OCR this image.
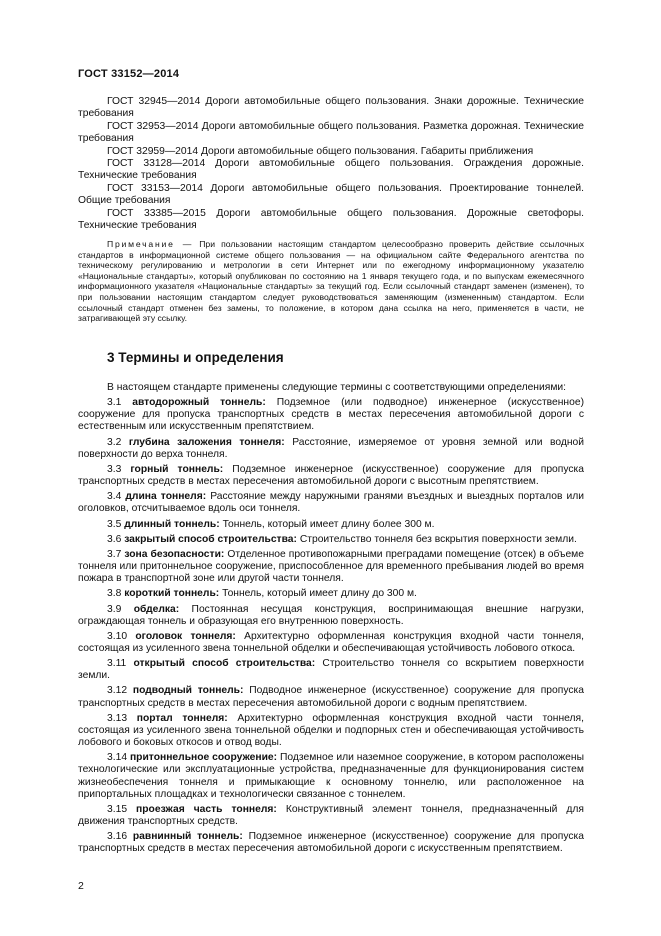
ГОСТ 33152—2014

ГОСТ 32945—2014 Дороги автомобильные общего пользования. Знаки дорожные. Технические требования

ГОСТ 32953—2014 Дороги автомобильные общего пользования. Разметка дорожная. Технические требования

ГОСТ 32959—2014 Дороги автомобильные общего пользования. Габариты приближения

ГОСТ 33128—2014 Дороги автомобильные общего пользования. Ограждения дорожные. Технические требования

ГОСТ 33153—2014 Дороги автомобильные общего пользования. Проектирование тоннелей. Общие требования

ГОСТ 33385—2015 Дороги автомобильные общего пользования. Дорожные светофоры. Технические требования

Примечание — При пользовании настоящим стандартом целесообразно проверить действие ссылочных стандартов в информационной системе общего пользования — на официальном сайте Федерального агентства по техническому регулированию и метрологии в сети Интернет или по ежегодному информационному указателю «Национальные стандарты», который опубликован по состоянию на 1 января текущего года, и по выпускам ежемесячного информационного указателя «Национальные стандарты» за текущий год. Если ссылочный стандарт заменен (изменен), то при пользовании настоящим стандартом следует руководствоваться заменяющим (измененным) стандартом. Если ссылочный стандарт отменен без замены, то положение, в котором дана ссылка на него, применяется в части, не затрагивающей эту ссылку.

3 Термины и определения

В настоящем стандарте применены следующие термины с соответствующими определениями:

3.1 автодорожный тоннель: Подземное (или подводное) инженерное (искусственное) сооружение для пропуска транспортных средств в местах пересечения автомобильной дороги с естественным или искусственным препятствием.

3.2 глубина заложения тоннеля: Расстояние, измеряемое от уровня земной или водной поверхности до верха тоннеля.

3.3 горный тоннель: Подземное инженерное (искусственное) сооружение для пропуска транспортных средств в местах пересечения автомобильной дороги с высотным препятствием.

3.4 длина тоннеля: Расстояние между наружными гранями въездных и выездных порталов или оголовков, отсчитываемое вдоль оси тоннеля.

3.5 длинный тоннель: Тоннель, который имеет длину более 300 м.

3.6 закрытый способ строительства: Строительство тоннеля без вскрытия поверхности земли.

3.7 зона безопасности: Отделенное противопожарными преградами помещение (отсек) в объеме тоннеля или притоннельное сооружение, приспособленное для временного пребывания людей во время пожара в транспортной зоне или другой части тоннеля.

3.8 короткий тоннель: Тоннель, который имеет длину до 300 м.

3.9 обделка: Постоянная несущая конструкция, воспринимающая внешние нагрузки, ограждающая тоннель и образующая его внутреннюю поверхность.

3.10 оголовок тоннеля: Архитектурно оформленная конструкция входной части тоннеля, состоящая из усиленного звена тоннельной обделки и обеспечивающая устойчивость лобового откоса.

3.11 открытый способ строительства: Строительство тоннеля со вскрытием поверхности земли.

3.12 подводный тоннель: Подводное инженерное (искусственное) сооружение для пропуска транспортных средств в местах пересечения автомобильной дороги с водным препятствием.

3.13 портал тоннеля: Архитектурно оформленная конструкция входной части тоннеля, состоящая из усиленного звена тоннельной обделки и подпорных стен и обеспечивающая устойчивость лобового и боковых откосов и отвод воды.

3.14 притоннельное сооружение: Подземное или наземное сооружение, в котором расположены технологические или эксплуатационные устройства, предназначенные для функционирования систем жизнеобеспечения тоннеля и примыкающие к основному тоннелю, или расположенное на припортальных площадках и технологически связанное с тоннелем.

3.15 проезжая часть тоннеля: Конструктивный элемент тоннеля, предназначенный для движения транспортных средств.

3.16 равнинный тоннель: Подземное инженерное (искусственное) сооружение для пропуска транспортных средств в местах пересечения автомобильной дороги с искусственным препятствием.

2
